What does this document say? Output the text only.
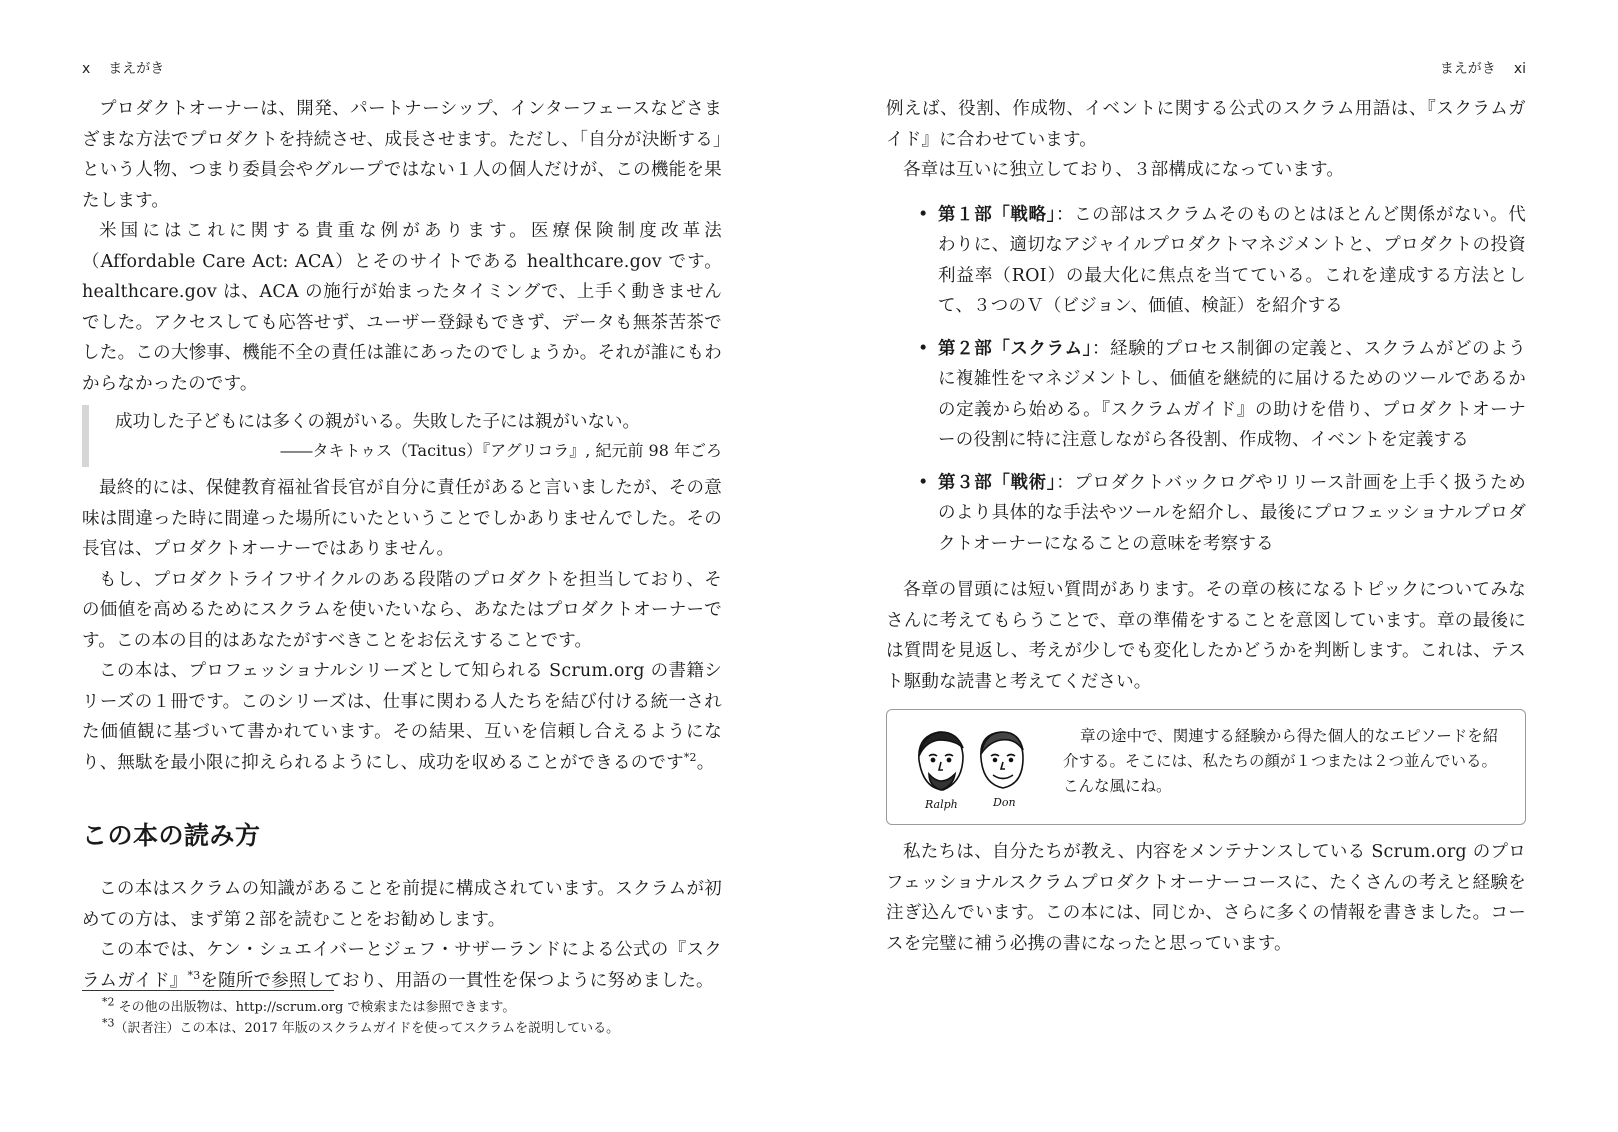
x まえがき

プロダクトオーナーは、開発、パートナーシップ、インターフェースなどさまざまな方法でプロダクトを持続させ、成長させます。ただし、「自分が決断する」という人物、つまり委員会やグループではない１人の個人だけが、この機能を果たします。

米国にはこれに関する貴重な例があります。医療保険制度改革法（Affordable Care Act: ACA）とそのサイトである healthcare.gov です。healthcare.gov は、ACA の施行が始まったタイミングで、上手く動きませんでした。アクセスしても応答せず、ユーザー登録もできず、データも無茶苦茶でした。この大惨事、機能不全の責任は誰にあったのでしょうか。それが誰にもわからなかったのです。

成功した子どもには多くの親がいる。失敗した子には親がいない。
――タキトゥス（Tacitus）『アグリコラ』, 紀元前 98 年ごろ

最終的には、保健教育福祉省長官が自分に責任があると言いましたが、その意味は間違った時に間違った場所にいたということでしかありませんでした。その長官は、プロダクトオーナーではありません。

もし、プロダクトライフサイクルのある段階のプロダクトを担当しており、その価値を高めるためにスクラムを使いたいなら、あなたはプロダクトオーナーです。この本の目的はあなたがすべきことをお伝えすることです。

この本は、プロフェッショナルシリーズとして知られる Scrum.org の書籍シリーズの１冊です。このシリーズは、仕事に関わる人たちを結び付ける統一された価値観に基づいて書かれています。その結果、互いを信頼し合えるようになり、無駄を最小限に抑えられるようにし、成功を収めることができるのです$^{*2}$。

この本の読み方

この本はスクラムの知識があることを前提に構成されています。スクラムが初めての方は、まず第２部を読むことをお勧めします。

この本では、ケン・シュエイバーとジェフ・サザーランドによる公式の『スクラムガイド』$^{*3}$を随所で参照しており、用語の一貫性を保つように努めました。

$^{*2}$ その他の出版物は、http://scrum.org で検索または参照できます。
$^{*3}$（訳者注）この本は、2017 年版のスクラムガイドを使ってスクラムを説明している。
まえがき xi

例えば、役割、作成物、イベントに関する公式のスクラム用語は、『スクラムガイド』に合わせています。

各章は互いに独立しており、３部構成になっています。

• 第１部「戦略」：この部はスクラムそのものとはほとんど関係がない。代わりに、適切なアジャイルプロダクトマネジメントと、プロダクトの投資利益率（ROI）の最大化に焦点を当てている。これを達成する方法として、３つのＶ（ビジョン、価値、検証）を紹介する

• 第２部「スクラム」：経験的プロセス制御の定義と、スクラムがどのように複雑性をマネジメントし、価値を継続的に届けるためのツールであるかの定義から始める。『スクラムガイド』の助けを借り、プロダクトオーナーの役割に特に注意しながら各役割、作成物、イベントを定義する

• 第３部「戦術」：プロダクトバックログやリリース計画を上手く扱うためのより具体的な手法やツールを紹介し、最後にプロフェッショナルプロダクトオーナーになることの意味を考察する

各章の冒頭には短い質問があります。その章の核になるトピックについてみなさんに考えてもらうことで、章の準備をすることを意図しています。章の最後には質問を見返し、考えが少しでも変化したかどうかを判断します。これは、テスト駆動な読書と考えてください。

Ralph	Don
章の途中で、関連する経験から得た個人的なエピソードを紹介する。そこには、私たちの顔が１つまたは２つ並んでいる。こんな風にね。

私たちは、自分たちが教え、内容をメンテナンスしている Scrum.org のプロフェッショナルスクラムプロダクトオーナーコースに、たくさんの考えと経験を注ぎ込んでいます。この本には、同じか、さらに多くの情報を書きました。コースを完璧に補う必携の書になったと思っています。
